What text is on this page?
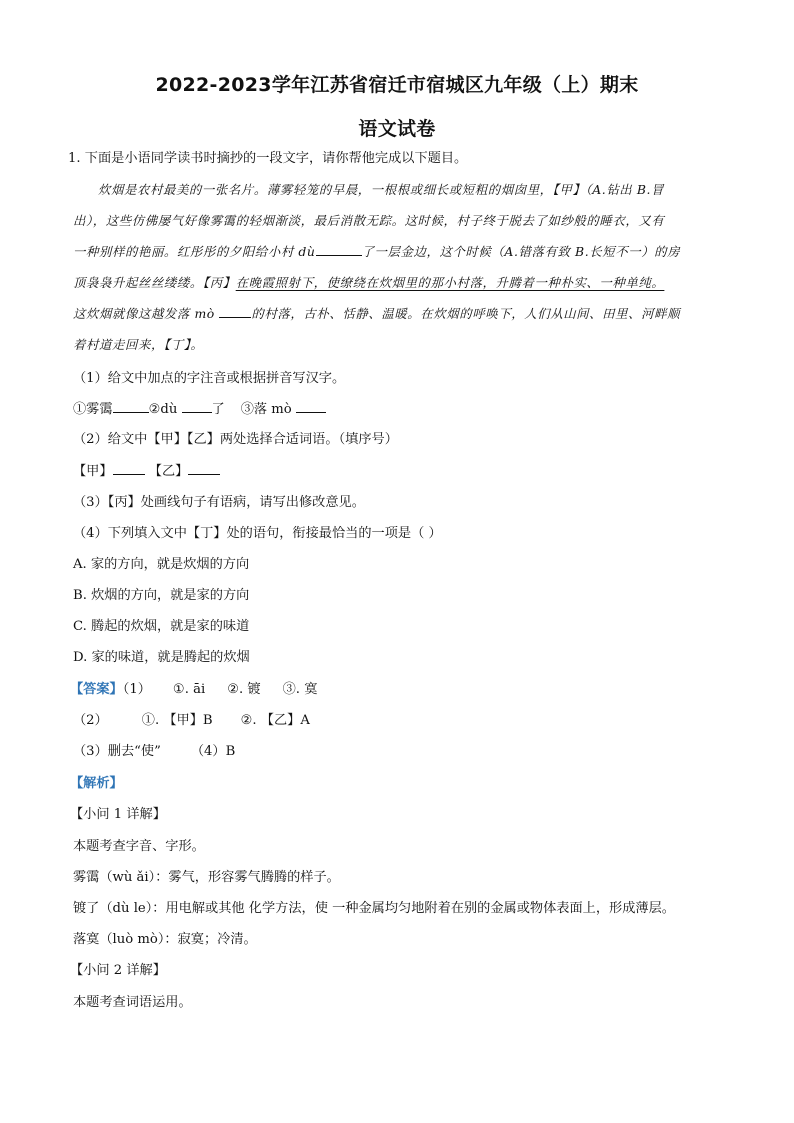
2022-2023学年江苏省宿迁市宿城区九年级（上）期末
语文试卷
1. 下面是小语同学读书时摘抄的一段文字，请你帮他完成以下题目。
炊烟是农村最美的一张名片。薄雾轻笼的早晨，一根根或细长或短粗的烟囱里，【甲】（A.钻出 B.冒
出），这些仿佛屡气好像雾霭的轻烟渐淡，最后消散无踪。这时候，村子终于脱去了如纱般的睡衣，又有
一种别样的艳丽。红彤彤的夕阳给小村 dù	了一层金边，这个时候（A.错落有致 B.长短不一）的房
顶袅袅升起丝丝缕缕。【丙】在晚霞照射下，使缭绕在炊烟里的那小村落，升腾着一种朴实、一种单纯。
这炊烟就像这越发落 mò	的村落，古朴、恬静、温暖。在炊烟的呼唤下，人们从山间、田里、河畔顺
着村道走回来，【丁】。
（1）给文中加点的字注音或根据拼音写汉字。
①雾霭	②dù	了 ③落 mò
（2）给文中【甲】【乙】两处选择合适词语。（填序号）
【甲】	【乙】
（3）【丙】处画线句子有语病，请写出修改意见。
（4）下列填入文中【丁】处的语句，衔接最恰当的一项是（ ）
A. 家的方向，就是炊烟的方向
B. 炊烟的方向，就是家的方向
C. 腾起的炊烟，就是家的味道
D. 家的味道，就是腾起的炊烟
【答案】（1） ①. āi ②. 镀 ③. 寞
（2）	①. 【甲】B ②. 【乙】A
（3）删去“使” （4）B
【解析】
【小问 1 详解】
本题考查字音、字形。
雾霭（wù ǎi）：雾气，形容雾气腾腾的样子。
镀了（dù le）：用电解或其他 化学方法，使 一种金属均匀地附着在别的金属或物体表面上，形成薄层。
落寞（luò mò）：寂寞；冷清。
【小问 2 详解】
本题考查词语运用。
